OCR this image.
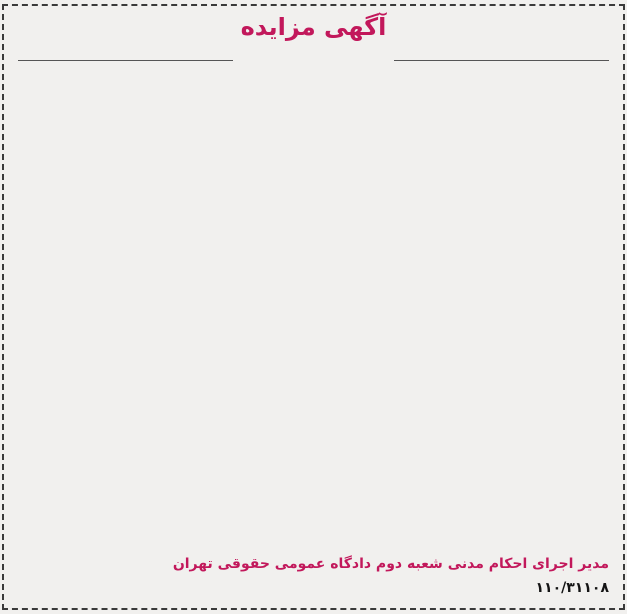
آگهی مزایده
مدیر اجرای احکام مدنی شعبه دوم دادگاه عمومی حقوقی تهران
۱۱۰/۳۱۱۰۸
